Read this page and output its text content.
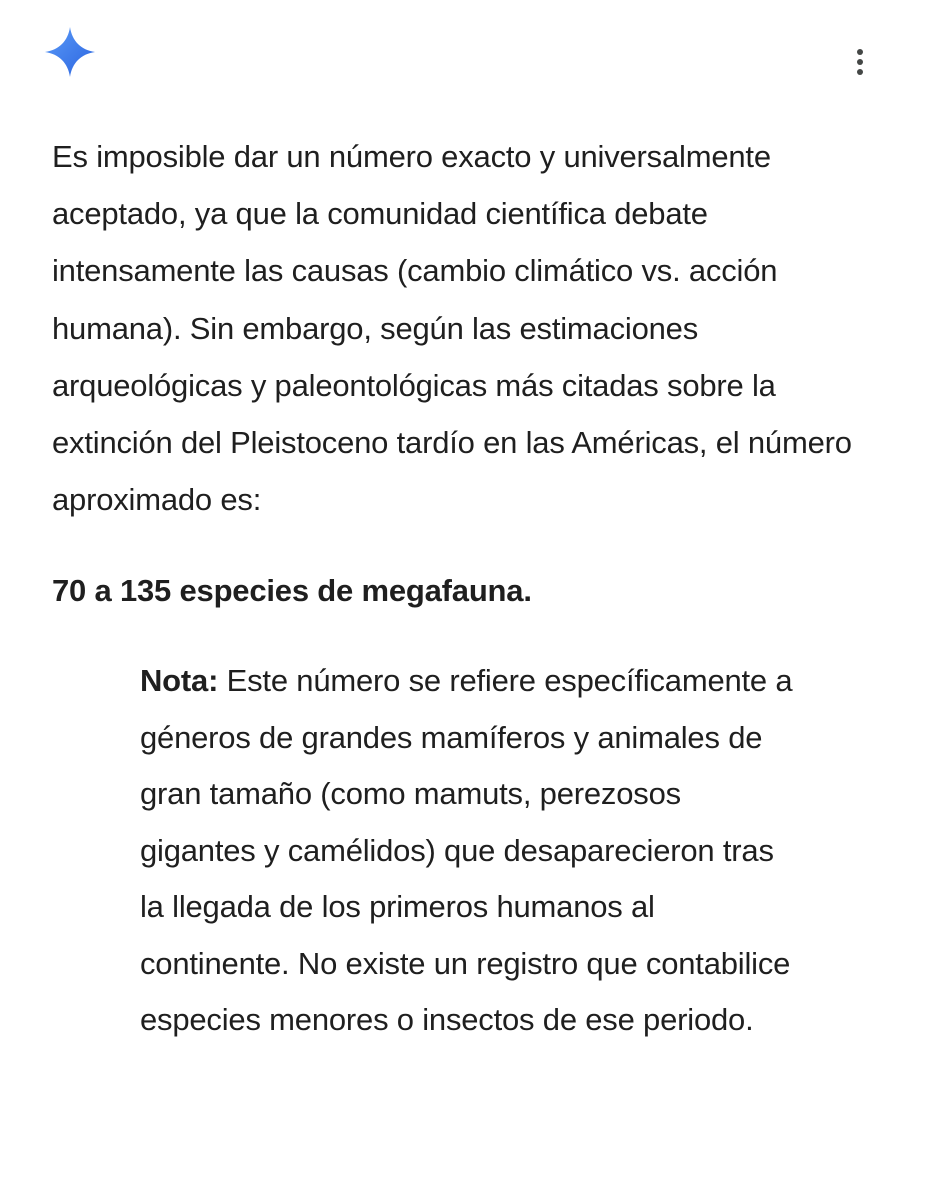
Es imposible dar un número exacto y universalmente aceptado, ya que la comunidad científica debate intensamente las causas (cambio climático vs. acción humana). Sin embargo, según las estimaciones arqueológicas y paleontológicas más citadas sobre la extinción del Pleistoceno tardío en las Américas, el número aproximado es:

70 a 135 especies de megafauna.

Nota: Este número se refiere específicamente a géneros de grandes mamíferos y animales de gran tamaño (como mamuts, perezosos gigantes y camélidos) que desaparecieron tras la llegada de los primeros humanos al continente. No existe un registro que contabilice especies menores o insectos de ese periodo.
